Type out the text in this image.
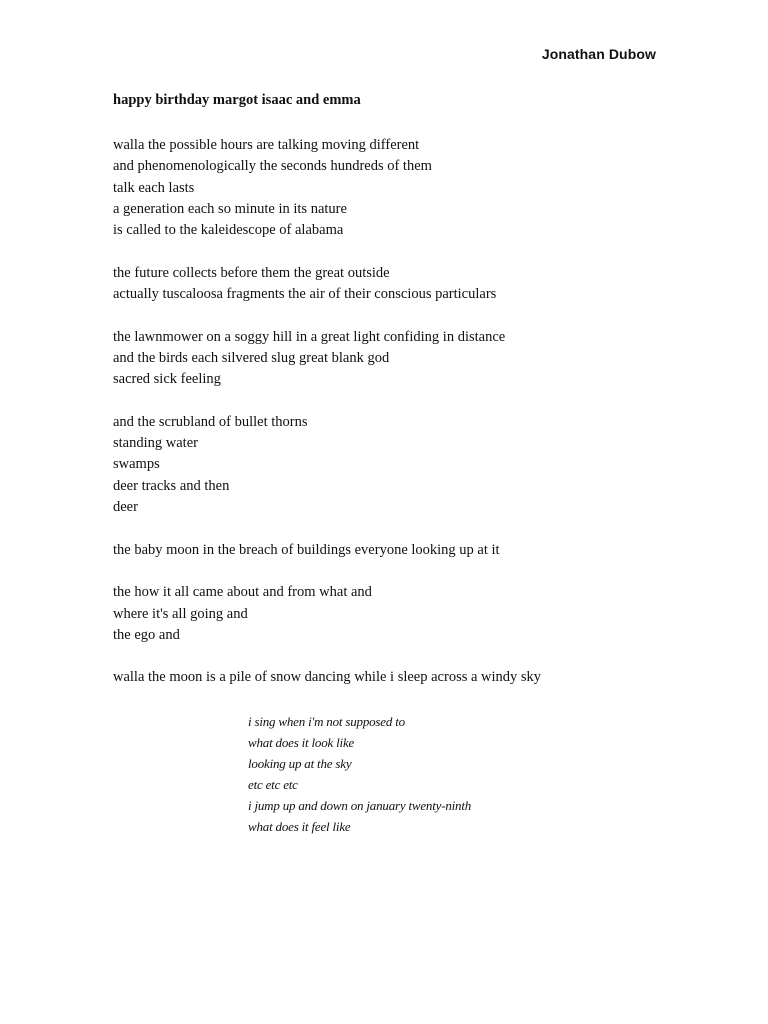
Jonathan Dubow
happy birthday margot isaac and emma
walla the possible hours are talking moving different
and phenomenologically the seconds hundreds of them
talk each lasts
a generation each so minute in its nature
is called to the kaleidescope of alabama
the future collects before them the great outside
actually tuscaloosa fragments the air of their conscious particulars
the lawnmower on a soggy hill in a great light confiding in distance
and the birds each silvered slug great blank god
sacred sick feeling
and the scrubland of bullet thorns
standing water
swamps
deer tracks and then
deer
the baby moon in the breach of buildings everyone looking up at it
the how it all came about and from what and
where it's all going and
the ego and
walla the moon is a pile of snow dancing while i sleep across a windy sky
i sing when i'm not supposed to
what does it look like
looking up at the sky
etc etc etc
i jump up and down on january twenty-ninth
what does it feel like
